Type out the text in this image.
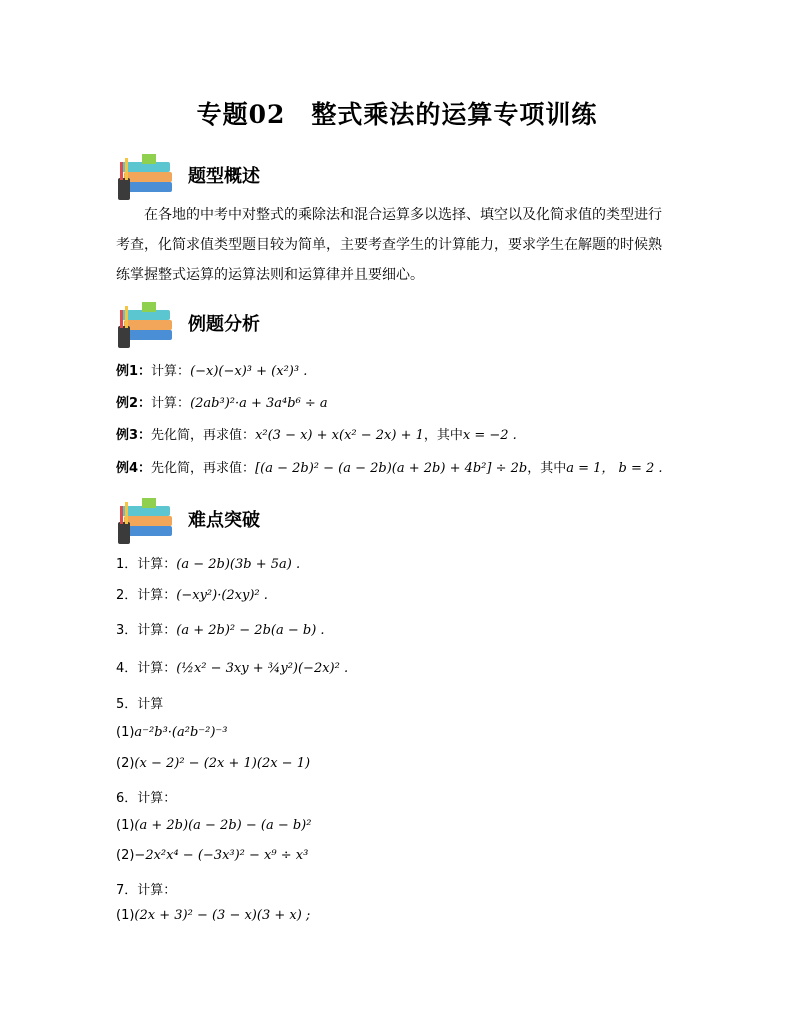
专题02　整式乘法的运算专项训练
题型概述
在各地的中考中对整式的乘除法和混合运算多以选择、填空以及化简求值的类型进行
考查，化简求值类型题目较为简单，主要考查学生的计算能力，要求学生在解题的时候熟
练掌握整式运算的运算法则和运算律并且要细心。
例题分析
例1：计算：(−x)(−x)³ + (x²)³ .
例2：计算：(2ab³)²·a + 3a⁴b⁶ ÷ a
例3：先化简，再求值：x²(3 − x) + x(x² − 2x) + 1，其中x = −2 .
例4：先化简，再求值：[(a − 2b)² − (a − 2b)(a + 2b) + 4b²] ÷ 2b，其中a = 1， b = 2 .
难点突破
1．计算：(a − 2b)(3b + 5a) .
2．计算：(−xy²)·(2xy)² .
3．计算：(a + 2b)² − 2b(a − b) .
4．计算：(½x² − 3xy + ¾y²)(−2x)² .
5．计算
(1)a⁻²b³·(a²b⁻²)⁻³
(2)(x − 2)² − (2x + 1)(2x − 1)
6．计算：
(1)(a + 2b)(a − 2b) − (a − b)²
(2)−2x²x⁴ − (−3x³)² − x⁹ ÷ x³
7．计算：
(1)(2x + 3)² − (3 − x)(3 + x) ;
